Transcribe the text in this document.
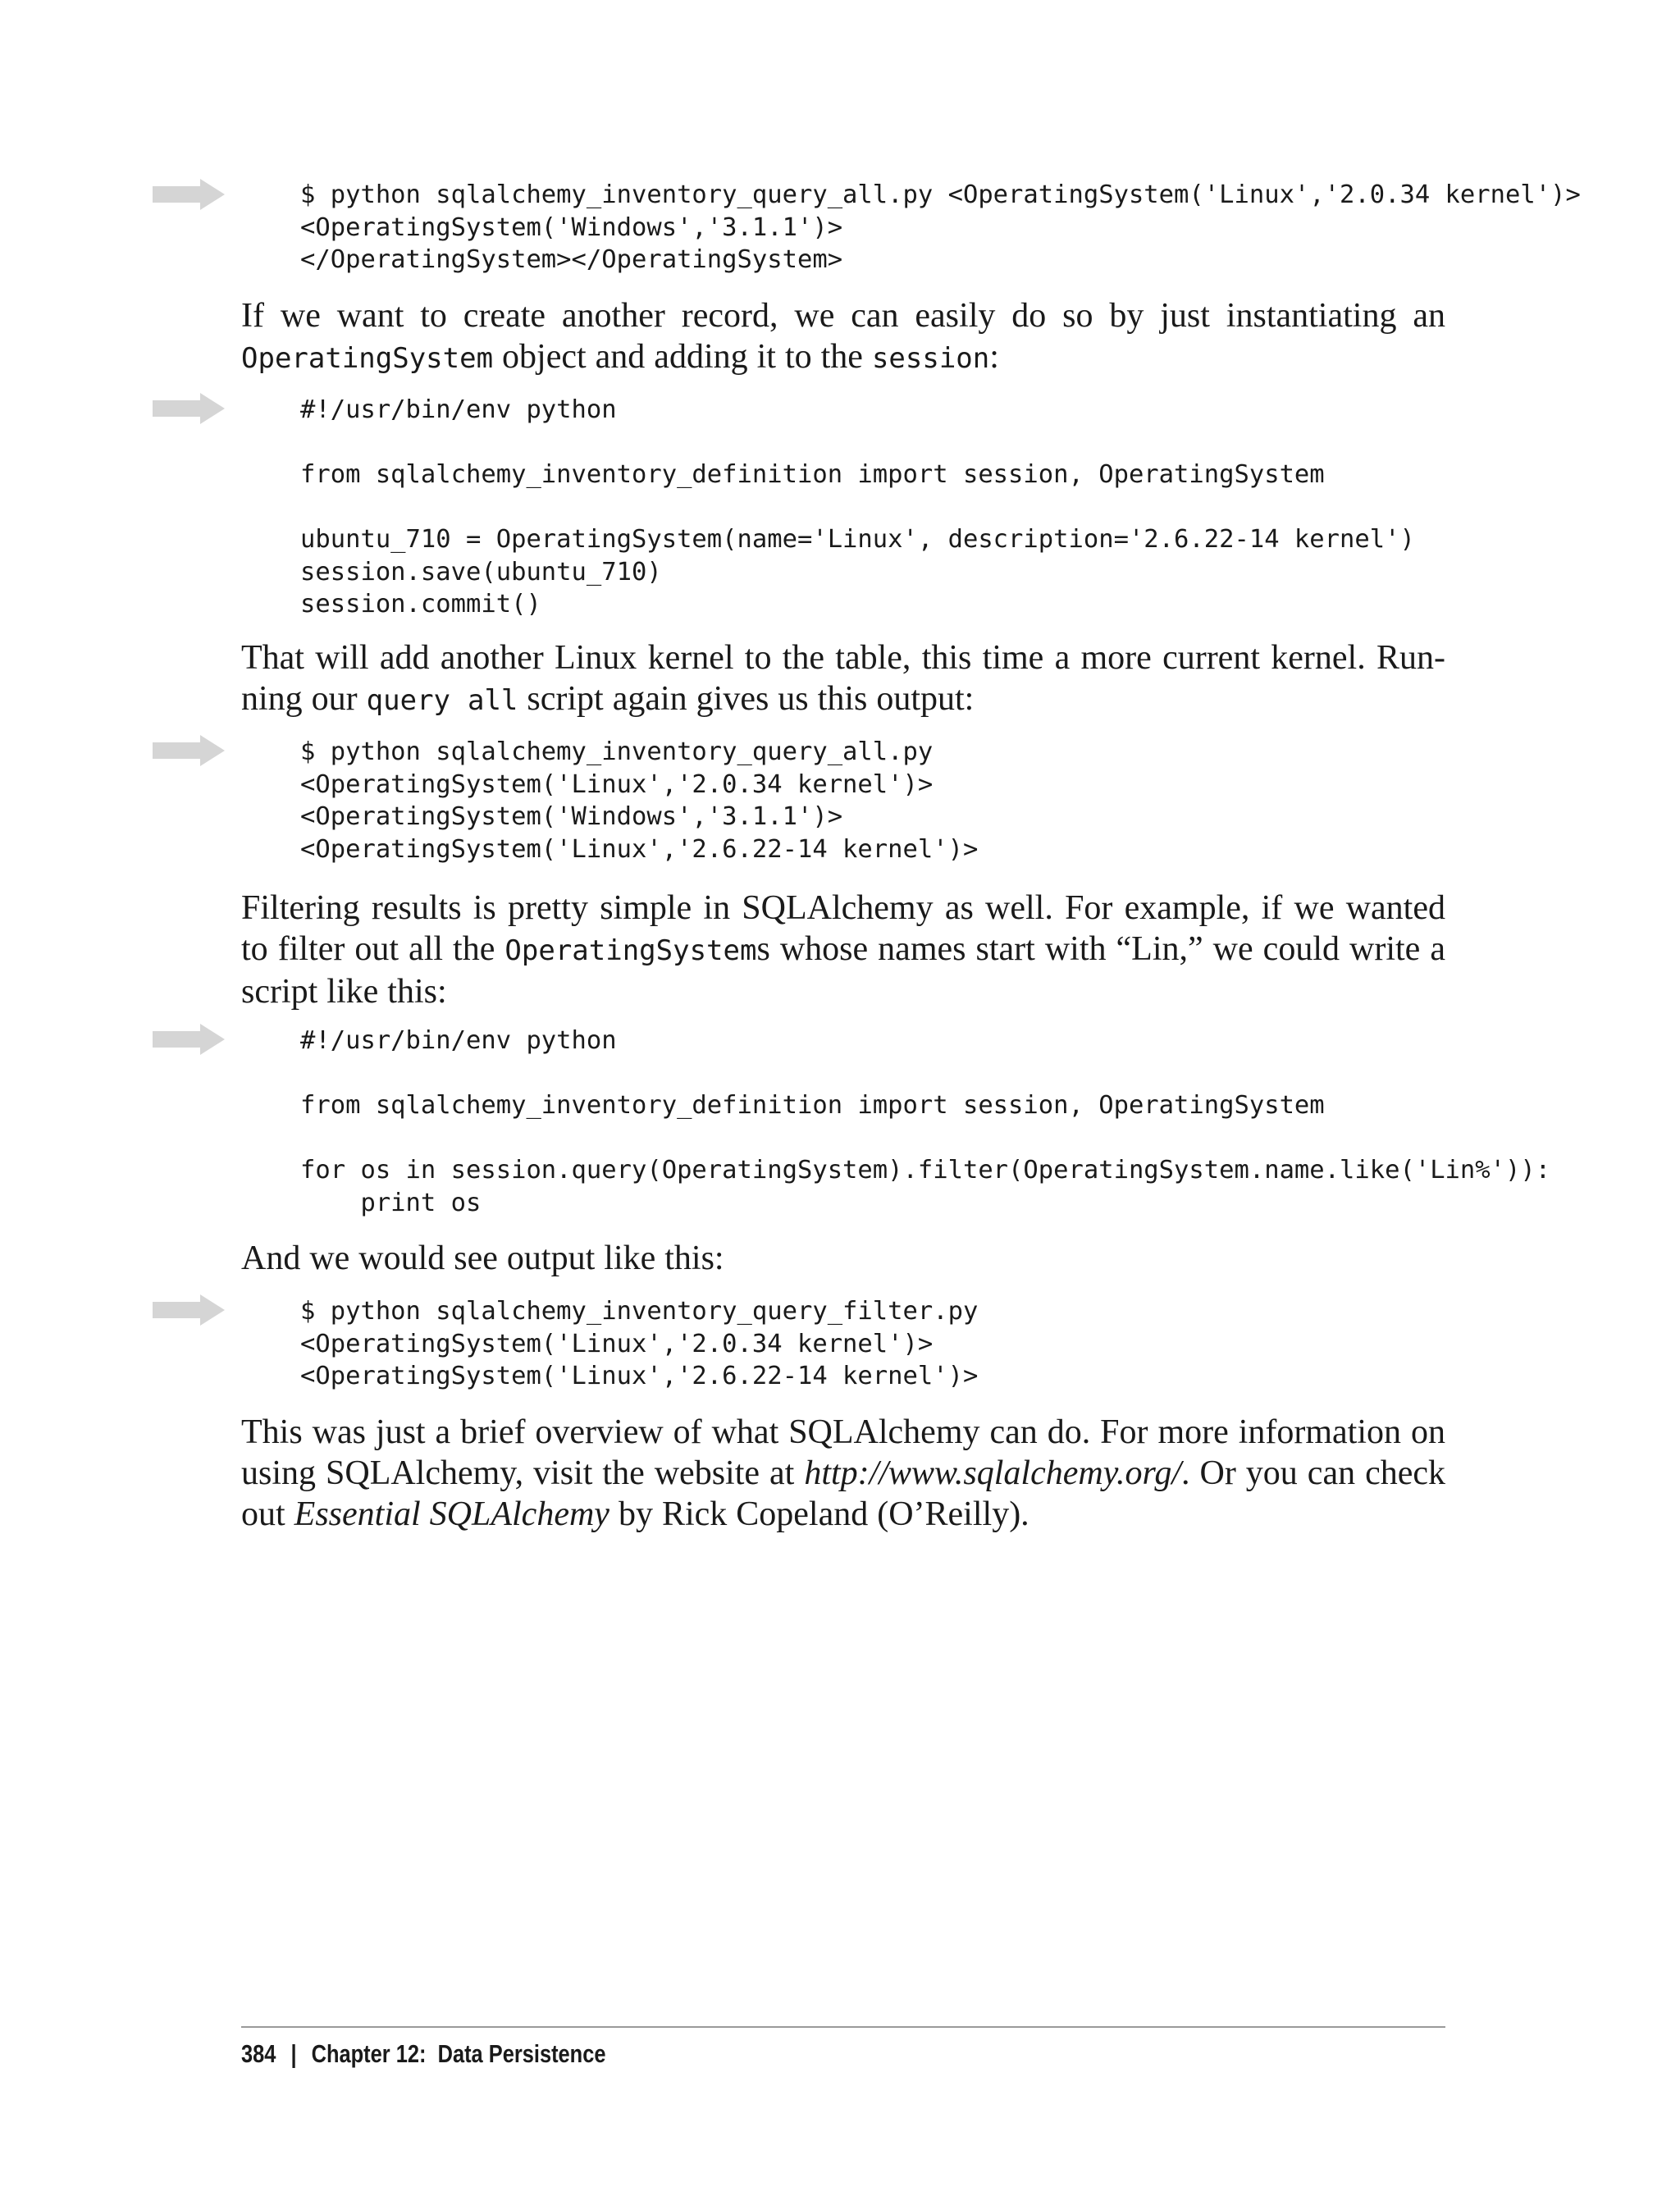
$ python sqlalchemy_inventory_query_all.py <OperatingSystem('Linux','2.0.34 kernel')>
<OperatingSystem('Windows','3.1.1')>
</OperatingSystem></OperatingSystem>

If we want to create another record, we can easily do so by just instantiating an OperatingSystem object and adding it to the session:

#!/usr/bin/env python

from sqlalchemy_inventory_definition import session, OperatingSystem

ubuntu_710 = OperatingSystem(name='Linux', description='2.6.22-14 kernel')
session.save(ubuntu_710)
session.commit()

That will add another Linux kernel to the table, this time a more current kernel. Running our query all script again gives us this output:

$ python sqlalchemy_inventory_query_all.py
<OperatingSystem('Linux','2.0.34 kernel')>
<OperatingSystem('Windows','3.1.1')>
<OperatingSystem('Linux','2.6.22-14 kernel')>

Filtering results is pretty simple in SQLAlchemy as well. For example, if we wanted to filter out all the OperatingSystems whose names start with “Lin,” we could write a script like this:

#!/usr/bin/env python

from sqlalchemy_inventory_definition import session, OperatingSystem

for os in session.query(OperatingSystem).filter(OperatingSystem.name.like('Lin%')):
print os

And we would see output like this:

$ python sqlalchemy_inventory_query_filter.py
<OperatingSystem('Linux','2.0.34 kernel')>
<OperatingSystem('Linux','2.6.22-14 kernel')>

This was just a brief overview of what SQLAlchemy can do. For more information on using SQLAlchemy, visit the website at http://www.sqlalchemy.org/. Or you can check out Essential SQLAlchemy by Rick Copeland (O’Reilly).

384 | Chapter 12:  Data Persistence
